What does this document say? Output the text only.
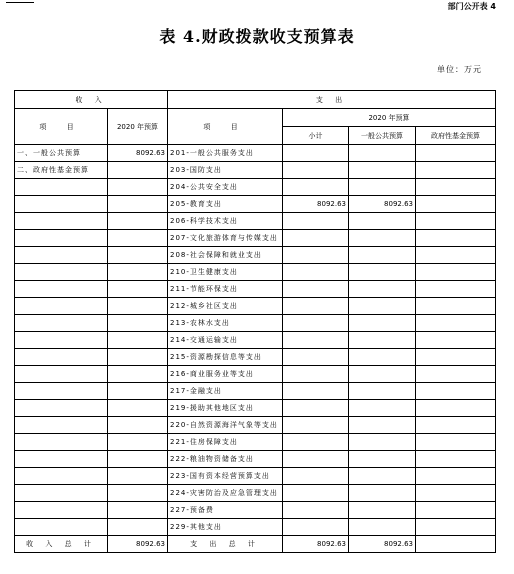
部门公开表 4
表 4.财政拨款收支预算表
单位：万元
收 入		支 出			
项 目	2020 年预算	项 目	2020 年预算		
			小计	一般公共预算	政府性基金预算
一、一般公共预算	8092.63	201-一般公共服务支出			
二、政府性基金预算		203-国防支出			
		204-公共安全支出			
		205-教育支出	8092.63	8092.63	
		206-科学技术支出			
		207-文化旅游体育与传媒支出			
		208-社会保障和就业支出			
		210-卫生健康支出			
		211-节能环保支出			
		212-城乡社区支出			
		213-农林水支出			
		214-交通运输支出			
		215-资源勘探信息等支出			
		216-商业服务业等支出			
		217-金融支出			
		219-援助其他地区支出			
		220-自然资源海洋气象等支出			
		221-住房保障支出			
		222-粮油物资储备支出			
		223-国有资本经营预算支出			
		224-灾害防治及应急管理支出			
		227-预备费			
		229-其他支出			
收 入 总 计	8092.63	支 出 总 计	8092.63	8092.63	
